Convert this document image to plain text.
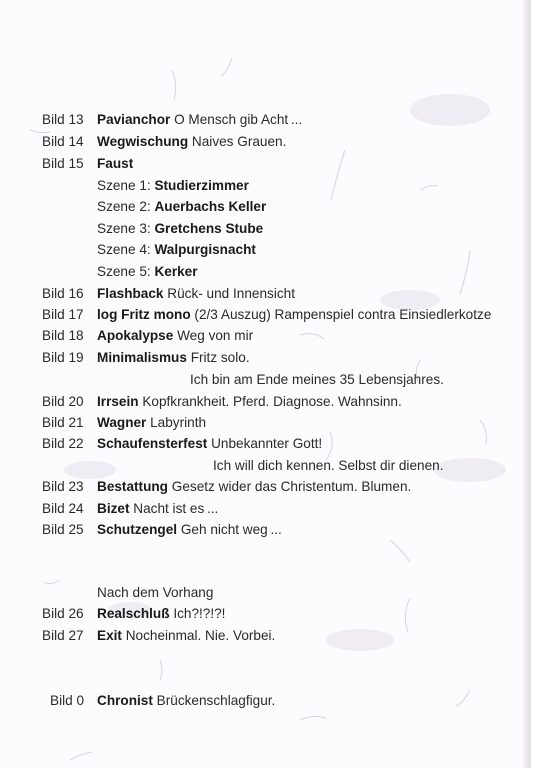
Bild 13 Pavianchor O Mensch gib Acht ...
Bild 14 Wegwischung Naives Grauen.
Bild 15 Faust
Szene 1: Studierzimmer
Szene 2: Auerbachs Keller
Szene 3: Gretchens Stube
Szene 4: Walpurgisnacht
Szene 5: Kerker
Bild 16 Flashback Rück- und Innensicht
Bild 17 log Fritz mono (2/3 Auszug) Rampenspiel contra Einsiedlerkotze
Bild 18 Apokalypse Weg von mir
Bild 19 Minimalismus Fritz solo.
Ich bin am Ende meines 35 Lebensjahres.
Bild 20 Irrsein Kopfkrankheit. Pferd. Diagnose. Wahnsinn.
Bild 21 Wagner Labyrinth
Bild 22 Schaufensterfest Unbekannter Gott!
Ich will dich kennen. Selbst dir dienen.
Bild 23 Bestattung Gesetz wider das Christentum. Blumen.
Bild 24 Bizet Nacht ist es ...
Bild 25 Schutzengel Geh nicht weg ...
Nach dem Vorhang
Bild 26 Realschluß Ich?!?!?!
Bild 27 Exit Nocheinmal. Nie. Vorbei.
Bild 0 Chronist Brückenschlagfigur.
